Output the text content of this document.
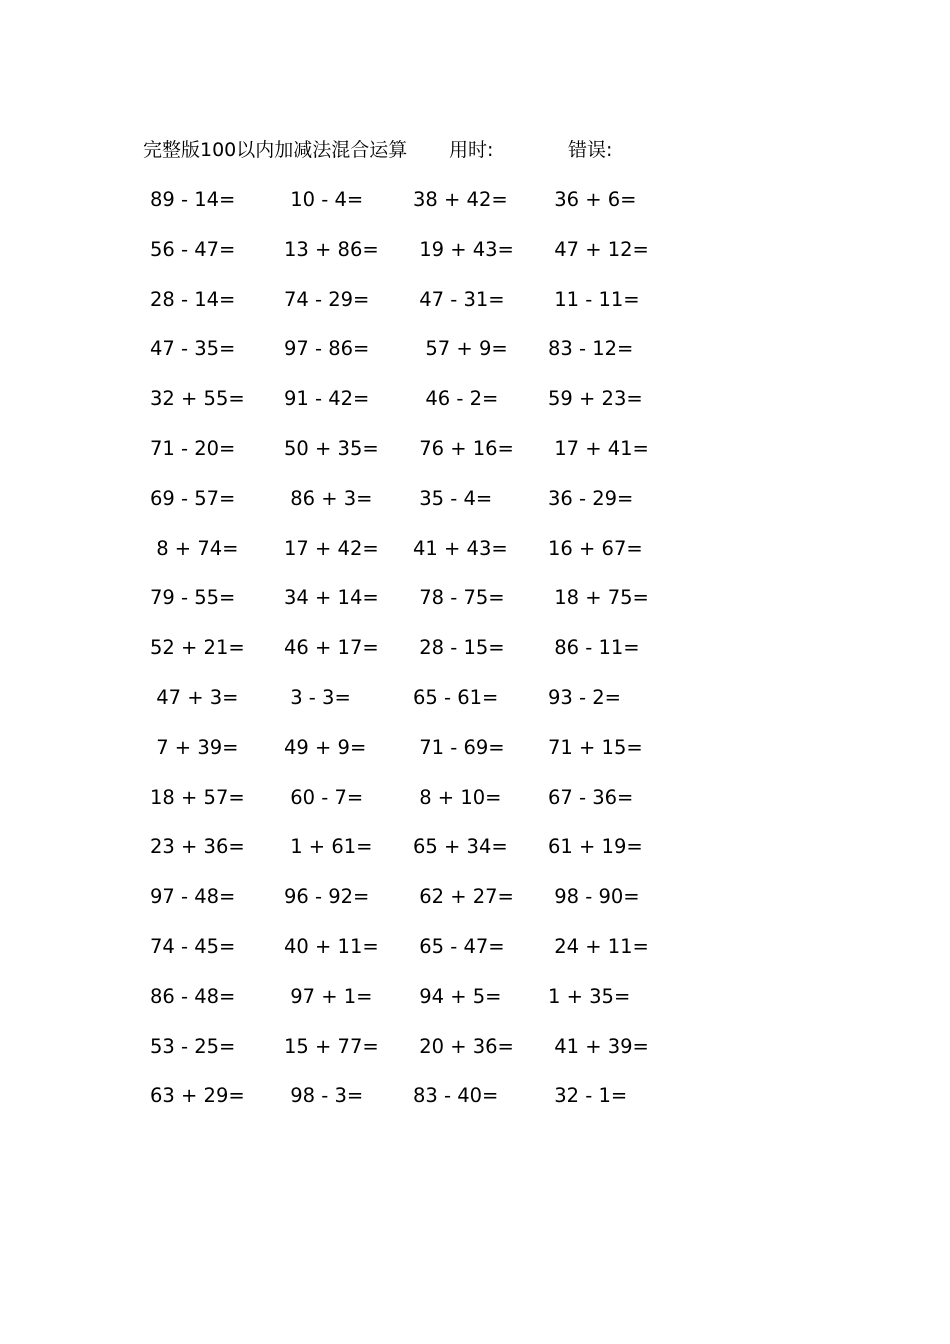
完整版100以内加减法混合运算 用时:	错误:
89 - 14= 10 - 4=	38 + 42= 36 + 6=
56 - 47= 13 + 86= 19 + 43= 47 + 12=
28 - 14= 74 - 29= 47 - 31= 11 - 11=
47 - 35= 97 - 86= 57 + 9= 83 - 12=
32 + 55= 91 - 42= 46 - 2=	59 + 23=
71 - 20= 50 + 35= 76 + 16= 17 + 41=
69 - 57= 86 + 3= 35 - 4=	36 - 29=
8 + 74= 17 + 42= 41 + 43= 16 + 67=
79 - 55= 34 + 14= 78 - 75= 18 + 75=
52 + 21= 46 + 17= 28 - 15= 86 - 11=
47 + 3= 3 - 3=	65 - 61=	93 - 2=
7 + 39= 49 + 9= 71 - 69= 71 + 15=
18 + 57= 60 - 7=	8 + 10= 67 - 36=
23 + 36= 1 + 61= 65 + 34= 61 + 19=
97 - 48= 96 - 92= 62 + 27= 98 - 90=
74 - 45= 40 + 11= 65 - 47= 24 + 11=
86 - 48= 97 + 1= 94 + 5= 1 + 35=
53 - 25= 15 + 77= 20 + 36= 41 + 39=
63 + 29= 98 - 3=	83 - 40=	32 - 1=
